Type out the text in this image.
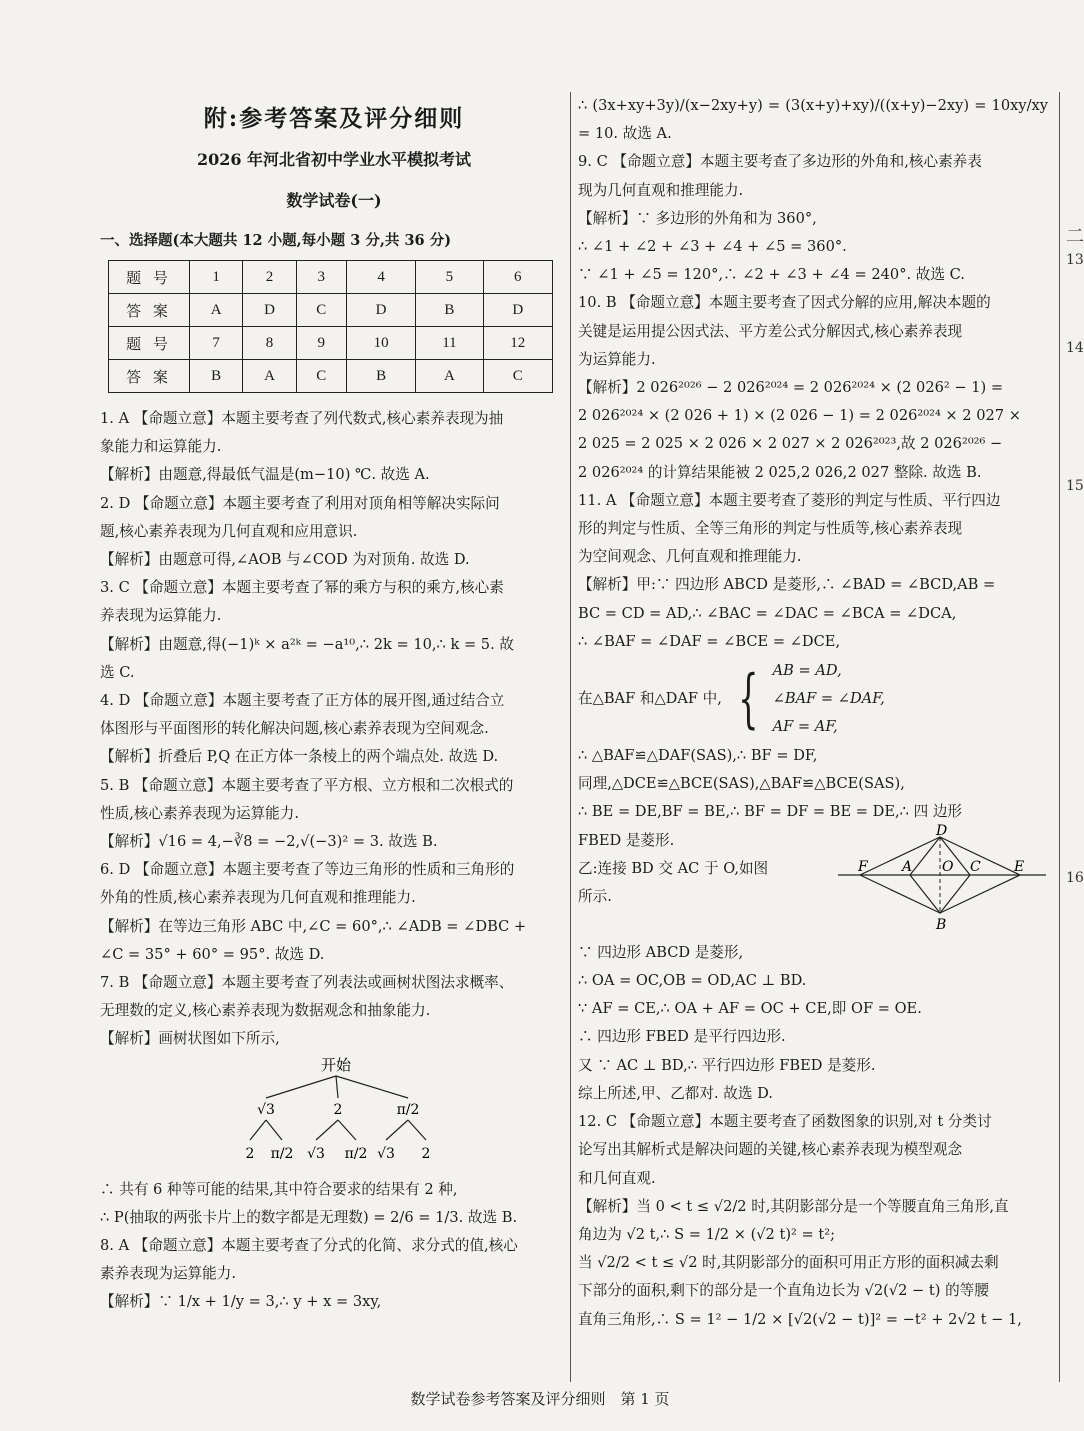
二
13
14
15
16
附:参考答案及评分细则
2026 年河北省初中学业水平模拟考试
数学试卷(一)
一、选择题(本大题共 12 小题,每小题 3 分,共 36 分)
题 号	1	2	3	4	5	6
答 案	A	D	C	D	B	D
题 号	7	8	9	10	11	12
答 案	B	A	C	B	A	C
1. A 【命题立意】本题主要考查了列代数式,核心素养表现为抽
象能力和运算能力.
【解析】由题意,得最低气温是(m−10) ℃. 故选 A.
2. D 【命题立意】本题主要考查了利用对顶角相等解决实际问
题,核心素养表现为几何直观和应用意识.
【解析】由题意可得,∠AOB 与∠COD 为对顶角. 故选 D.
3. C 【命题立意】本题主要考查了幂的乘方与积的乘方,核心素
养表现为运算能力.
【解析】由题意,得(−1)ᵏ × a²ᵏ = −a¹⁰,∴ 2k = 10,∴ k = 5. 故
选 C.
4. D 【命题立意】本题主要考查了正方体的展开图,通过结合立
体图形与平面图形的转化解决问题,核心素养表现为空间观念.
【解析】折叠后 P,Q 在正方体一条棱上的两个端点处. 故选 D.
5. B 【命题立意】本题主要考查了平方根、立方根和二次根式的
性质,核心素养表现为运算能力.
【解析】√16 = 4,−∛8 = −2,√(−3)² = 3. 故选 B.
6. D 【命题立意】本题主要考查了等边三角形的性质和三角形的
外角的性质,核心素养表现为几何直观和推理能力.
【解析】在等边三角形 ABC 中,∠C = 60°,∴ ∠ADB = ∠DBC +
∠C = 35° + 60° = 95°. 故选 D.
7. B 【命题立意】本题主要考查了列表法或画树状图法求概率、
无理数的定义,核心素养表现为数据观念和抽象能力.
【解析】画树状图如下所示,
开始
√3	2	π/2
2 π/2 √3 π/2 √3 2
∴ 共有 6 种等可能的结果,其中符合要求的结果有 2 种,
∴ P(抽取的两张卡片上的数字都是无理数) = 2/6 = 1/3. 故选 B.
8. A 【命题立意】本题主要考查了分式的化简、求分式的值,核心
素养表现为运算能力.
【解析】∵ 1/x + 1/y = 3,∴ y + x = 3xy,
∴ (3x+xy+3y)/(x−2xy+y) = (3(x+y)+xy)/((x+y)−2xy) = 10xy/xy = 10. 故选 A.
9. C 【命题立意】本题主要考查了多边形的外角和,核心素养表
现为几何直观和推理能力.
【解析】∵ 多边形的外角和为 360°,
∴ ∠1 + ∠2 + ∠3 + ∠4 + ∠5 = 360°.
∵ ∠1 + ∠5 = 120°,∴ ∠2 + ∠3 + ∠4 = 240°. 故选 C.
10. B 【命题立意】本题主要考查了因式分解的应用,解决本题的
关键是运用提公因式法、平方差公式分解因式,核心素养表现
为运算能力.
【解析】2 026²⁰²⁶ − 2 026²⁰²⁴ = 2 026²⁰²⁴ × (2 026² − 1) =
2 026²⁰²⁴ × (2 026 + 1) × (2 026 − 1) = 2 026²⁰²⁴ × 2 027 ×
2 025 = 2 025 × 2 026 × 2 027 × 2 026²⁰²³,故 2 026²⁰²⁶ −
2 026²⁰²⁴ 的计算结果能被 2 025,2 026,2 027 整除. 故选 B.
11. A 【命题立意】本题主要考查了菱形的判定与性质、平行四边
形的判定与性质、全等三角形的判定与性质等,核心素养表现
为空间观念、几何直观和推理能力.
【解析】甲:∵ 四边形 ABCD 是菱形,∴ ∠BAD = ∠BCD,AB =
BC = CD = AD,∴ ∠BAC = ∠DAC = ∠BCA = ∠DCA,
∴ ∠BAF = ∠DAF = ∠BCE = ∠DCE,
在△BAF 和△DAF 中, { AB = AD,
∠BAF = ∠DAF,
AF = AF,
∴ △BAF≌△DAF(SAS),∴ BF = DF,
同理,△DCE≌△BCE(SAS),△BAF≌△BCE(SAS),
∴ BE = DE,BF = BE,∴ BF = DF = BE = DE,∴ 四 边形
FBED 是菱形.
乙:连接 BD 交 AC 于 O,如图
所示.
D
F A O C E
B
∵ 四边形 ABCD 是菱形,
∴ OA = OC,OB = OD,AC ⊥ BD.
∵ AF = CE,∴ OA + AF = OC + CE,即 OF = OE.
∴ 四边形 FBED 是平行四边形.
又 ∵ AC ⊥ BD,∴ 平行四边形 FBED 是菱形.
综上所述,甲、乙都对. 故选 D.
12. C 【命题立意】本题主要考查了函数图象的识别,对 t 分类讨
论写出其解析式是解决问题的关键,核心素养表现为模型观念
和几何直观.
【解析】当 0 < t ≤ √2/2 时,其阴影部分是一个等腰直角三角形,直
角边为 √2 t,∴ S = 1/2 × (√2 t)² = t²;
当 √2/2 < t ≤ √2 时,其阴影部分的面积可用正方形的面积减去剩
下部分的面积,剩下的部分是一个直角边长为 √2(√2 − t) 的等腰
直角三角形,∴ S = 1² − 1/2 × [√2(√2 − t)]² = −t² + 2√2 t − 1,
数学试卷参考答案及评分细则　第 1 页
